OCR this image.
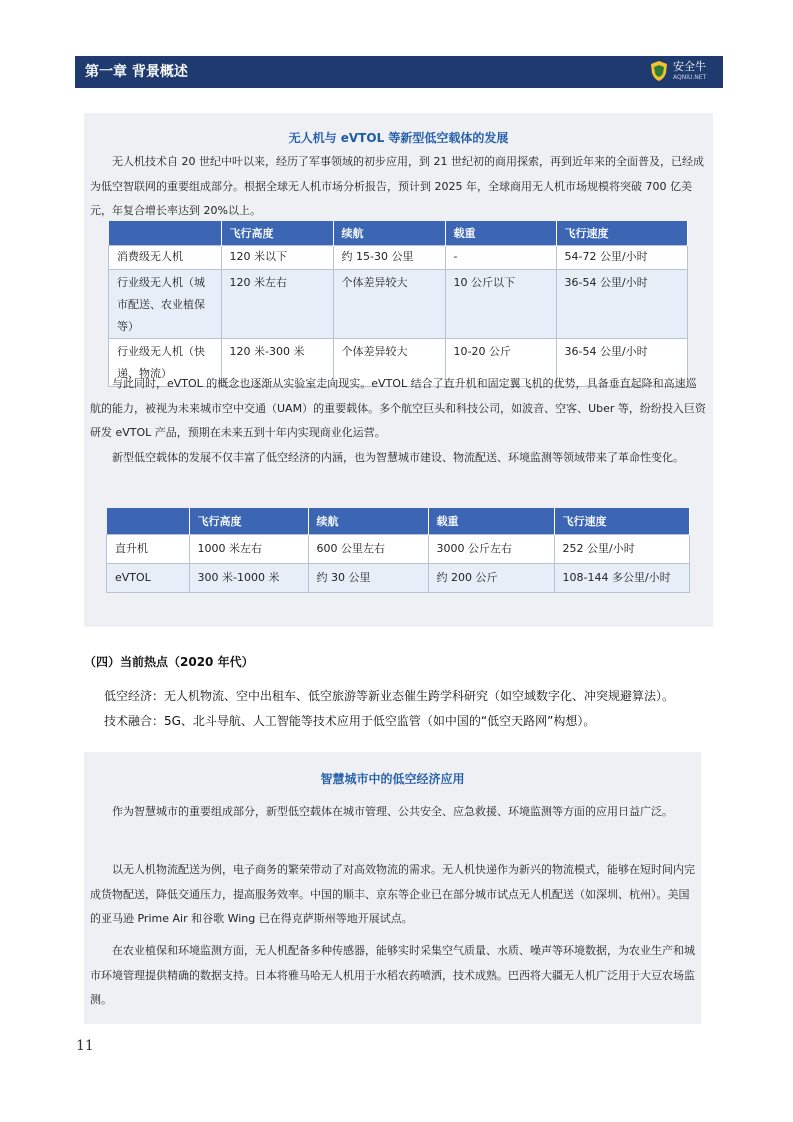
第一章 背景概述	安全牛
AQNIU.NET
无人机与 eVTOL 等新型低空载体的发展
无人机技术自 20 世纪中叶以来，经历了军事领域的初步应用，到 21 世纪初的商用探索，再到近年来的全面普及，已经成为低空智联网的重要组成部分。根据全球无人机市场分析报告，预计到 2025 年，全球商用无人机市场规模将突破 700 亿美元，年复合增长率达到 20%以上。
	飞行高度	续航	载重	飞行速度
消费级无人机	120 米以下	约 15-30 公里	-	54-72 公里/小时
行业级无人机（城市配送、农业植保等）	120 米左右	个体差异较大	10 公斤以下	36-54 公里/小时
行业级无人机（快递、物流）	120 米-300 米	个体差异较大	10-20 公斤	36-54 公里/小时
与此同时，eVTOL 的概念也逐渐从实验室走向现实。eVTOL 结合了直升机和固定翼飞机的优势，具备垂直起降和高速巡航的能力，被视为未来城市空中交通（UAM）的重要载体。多个航空巨头和科技公司，如波音、空客、Uber 等，纷纷投入巨资研发 eVTOL 产品，预期在未来五到十年内实现商业化运营。
新型低空载体的发展不仅丰富了低空经济的内涵，也为智慧城市建设、物流配送、环境监测等领域带来了革命性变化。
	飞行高度	续航	载重	飞行速度
直升机	1000 米左右	600 公里左右	3000 公斤左右	252 公里/小时
eVTOL	300 米-1000 米	约 30 公里	约 200 公斤	108-144 多公里/小时
（四）当前热点（2020 年代）
低空经济：无人机物流、空中出租车、低空旅游等新业态催生跨学科研究（如空域数字化、冲突规避算法）。
技术融合：5G、北斗导航、人工智能等技术应用于低空监管（如中国的“低空天路网”构想）。
智慧城市中的低空经济应用
作为智慧城市的重要组成部分，新型低空载体在城市管理、公共安全、应急救援、环境监测等方面的应用日益广泛。
以无人机物流配送为例，电子商务的繁荣带动了对高效物流的需求。无人机快递作为新兴的物流模式，能够在短时间内完成货物配送，降低交通压力，提高服务效率。中国的顺丰、京东等企业已在部分城市试点无人机配送（如深圳、杭州）。美国的亚马逊 Prime Air 和谷歌 Wing 已在得克萨斯州等地开展试点。
在农业植保和环境监测方面，无人机配备多种传感器，能够实时采集空气质量、水质、噪声等环境数据，为农业生产和城市环境管理提供精确的数据支持。日本将雅马哈无人机用于水稻农药喷洒，技术成熟。巴西将大疆无人机广泛用于大豆农场监测。
11
